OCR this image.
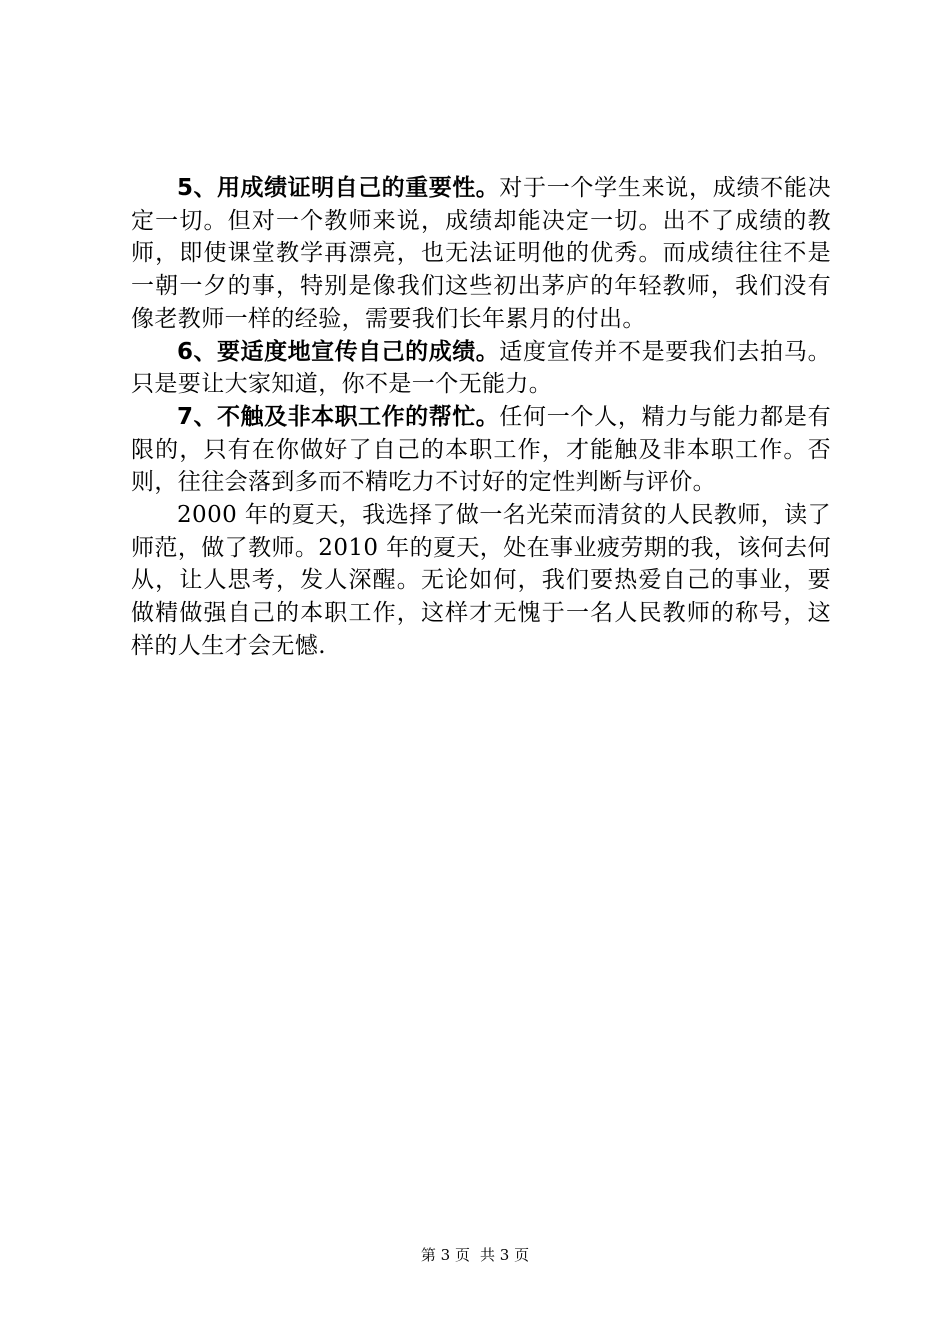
5、用成绩证明自己的重要性。对于一个学生来说，成绩不能决定一切。但对一个教师来说，成绩却能决定一切。出不了成绩的教师，即使课堂教学再漂亮，也无法证明他的优秀。而成绩往往不是一朝一夕的事，特别是像我们这些初出茅庐的年轻教师，我们没有像老教师一样的经验，需要我们长年累月的付出。

6、要适度地宣传自己的成绩。适度宣传并不是要我们去拍马。只是要让大家知道，你不是一个无能力。

7、不触及非本职工作的帮忙。任何一个人，精力与能力都是有限的，只有在你做好了自己的本职工作，才能触及非本职工作。否则，往往会落到多而不精吃力不讨好的定性判断与评价。

2000 年的夏天，我选择了做一名光荣而清贫的人民教师，读了师范，做了教师。2010 年的夏天，处在事业疲劳期的我，该何去何从，让人思考，发人深醒。无论如何，我们要热爱自己的事业，要做精做强自己的本职工作，这样才无愧于一名人民教师的称号，这样的人生才会无憾.

第 3 页 共 3 页
